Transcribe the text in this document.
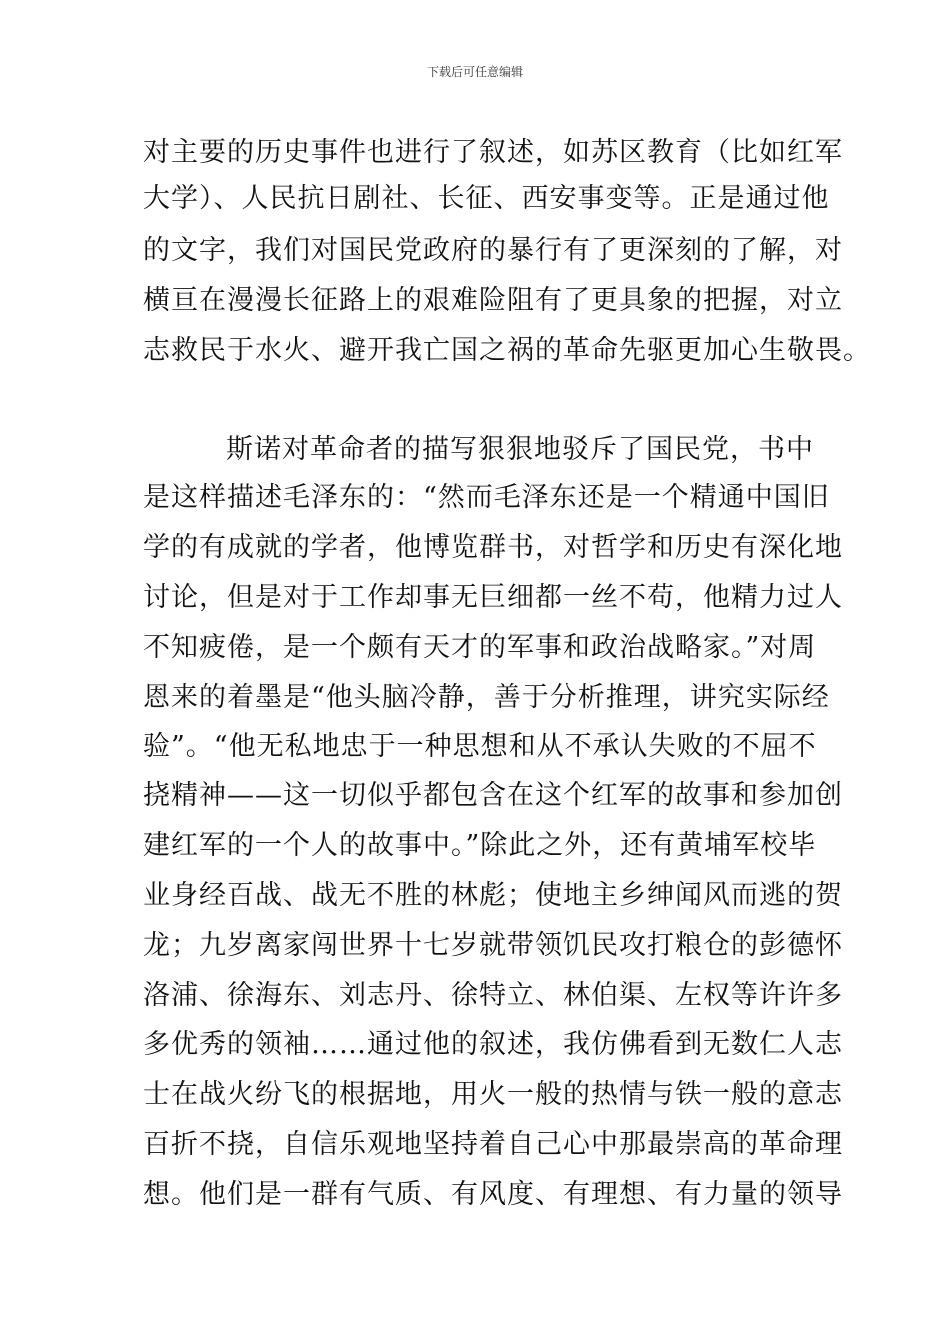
下载后可任意编辑
对主要的历史事件也进行了叙述，如苏区教育（比如红军
大学）、人民抗日剧社、长征、西安事变等。正是通过他
的文字，我们对国民党政府的暴行有了更深刻的了解，对
横亘在漫漫长征路上的艰难险阻有了更具象的把握，对立
志救民于水火、避开我亡国之祸的革命先驱更加心生敬畏。
斯诺对革命者的描写狠狠地驳斥了国民党，书中
是这样描述毛泽东的：“然而毛泽东还是一个精通中国旧
学的有成就的学者，他博览群书，对哲学和历史有深化地
讨论，但是对于工作却事无巨细都一丝不苟，他精力过人
不知疲倦，是一个颇有天才的军事和政治战略家。”对周
恩来的着墨是“他头脑冷静，善于分析推理，讲究实际经
验”。“他无私地忠于一种思想和从不承认失败的不屈不
挠精神——这一切似乎都包含在这个红军的故事和参加创
建红军的一个人的故事中。”除此之外，还有黄埔军校毕
业身经百战、战无不胜的林彪；使地主乡绅闻风而逃的贺
龙；九岁离家闯世界十七岁就带领饥民攻打粮仓的彭德怀
洛浦、徐海东、刘志丹、徐特立、林伯渠、左权等许许多
多优秀的领袖……通过他的叙述，我仿佛看到无数仁人志
士在战火纷飞的根据地，用火一般的热情与铁一般的意志
百折不挠，自信乐观地坚持着自己心中那最崇高的革命理
想。他们是一群有气质、有风度、有理想、有力量的领导
